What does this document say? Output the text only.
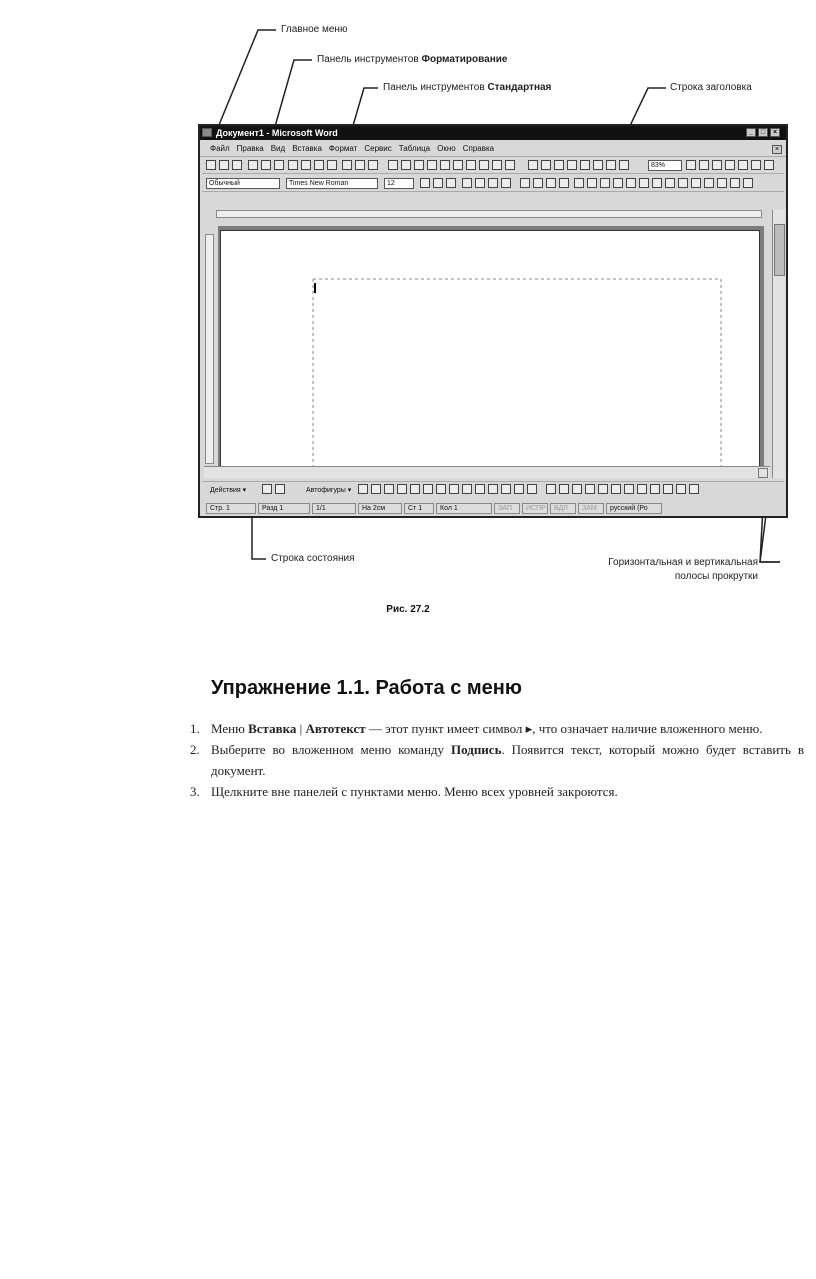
Главное меню
Панель инструментов Форматирование
Панель инструментов Стандартная	Строка заголовка
Документ1 - Microsoft Word	_	□	×
Файл Правка Вид Вставка Формат Сервис Таблица Окно Справка	×
83%
Обычный	Times New Roman	12
Действия ▾	Автофигуры ▾
Стр. 1	Разд 1	1/1	На 2см	Ст 1	Кол 1	ЗАП	ИСПР	ВДЛ	ЗАМ	русский (Ро
Строка состояния	Горизонтальная и вертикальная
полосы прокрутки
Рис. 27.2
Упражнение 1.1. Работа с меню
1. Меню Вставка | Автотекст — этот пункт имеет символ ▸, что означает наличие вложенного меню.
2. Выберите во вложенном меню команду Подпись. Появится текст, который можно будет вставить в документ.
3. Щелкните вне панелей с пунктами меню. Меню всех уровней закроются.
